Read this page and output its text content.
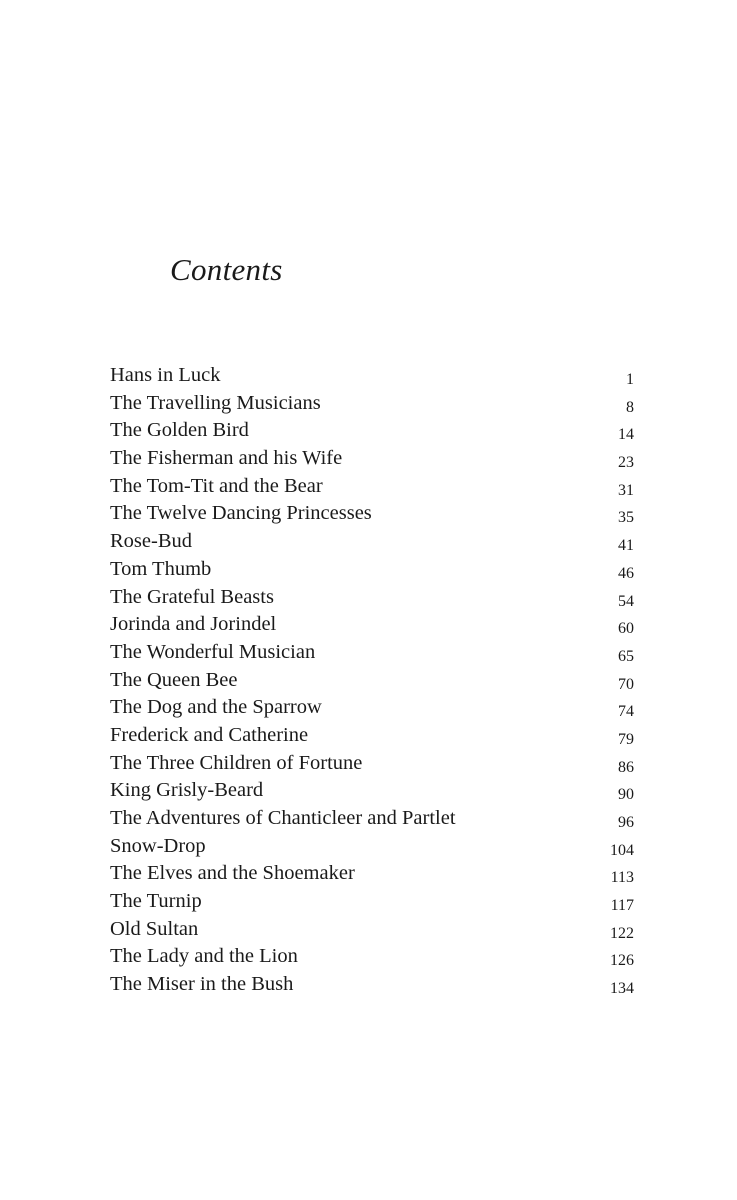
Contents
Hans in Luck	1
The Travelling Musicians	8
The Golden Bird	14
The Fisherman and his Wife	23
The Tom-Tit and the Bear	31
The Twelve Dancing Princesses	35
Rose-Bud	41
Tom Thumb	46
The Grateful Beasts	54
Jorinda and Jorindel	60
The Wonderful Musician	65
The Queen Bee	70
The Dog and the Sparrow	74
Frederick and Catherine	79
The Three Children of Fortune	86
King Grisly-Beard	90
The Adventures of Chanticleer and Partlet	96
Snow-Drop	104
The Elves and the Shoemaker	113
The Turnip	117
Old Sultan	122
The Lady and the Lion	126
The Miser in the Bush	134
